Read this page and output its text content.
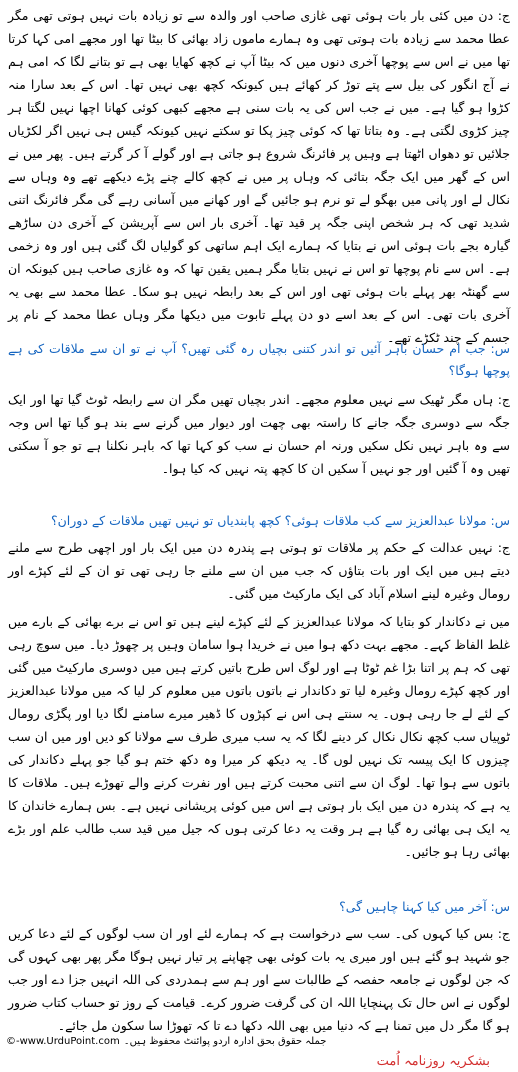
ج: دن میں کئی بار بات ہوئی تھی غازی صاحب اور والدہ سے تو زیادہ بات نہیں ہوتی تھی مگر عطا محمد سے زیادہ بات ہوتی تھی وہ ہمارے ماموں زاد بھائی کا بیٹا تھا اور مجھے امی کہا کرتا تھا میں نے اس سے پوچھا آخری دنوں میں کہ بیٹا آپ نے کچھ کھایا بھی ہے تو بتانے لگا کہ امی ہم نے آج انگور کی بیل سے پتے توڑ کر کھائے ہیں کیونکہ کچھ بھی نہیں تھا۔ اس کے بعد سارا منہ کڑوا ہو گیا ہے۔ میں نے جب اس کی یہ بات سنی ہے مجھے کبھی کوئی کھانا اچھا نہیں لگتا ہر چیز کڑوی لگتی ہے۔ وہ بتاتا تھا کہ کوئی چیز پکا تو سکتے نہیں کیونکہ گیس ہی نہیں اگر لکڑیاں جلائیں تو دھواں اٹھتا ہے وہیں پر فائرنگ شروع ہو جاتی ہے اور گولے آ کر گرتے ہیں۔ پھر میں نے اس کے گھر میں ایک جگہ بتائی کہ وہاں پر میں نے کچھ کالے چنے پڑے دیکھے تھے وہ وہاں سے نکال لے اور پانی میں بھگو لے تو نرم ہو جائیں گے اور کھانے میں آسانی رہے گی مگر فائرنگ اتنی شدید تھی کہ ہر شخص اپنی جگہ پر قید تھا۔ آخری بار اس سے آپریشن کے آخری دن ساڑھے گیارہ بجے بات ہوئی اس نے بتایا کہ ہمارے ایک اہم ساتھی کو گولیاں لگ گئی ہیں اور وہ زخمی ہے۔ اس سے نام پوچھا تو اس نے نہیں بتایا مگر ہمیں یقین تھا کہ وہ غازی صاحب ہیں کیونکہ ان سے گھنٹہ بھر پہلے بات ہوئی تھی اور اس کے بعد رابطہ نہیں ہو سکا۔ عطا محمد سے بھی یہ آخری بات تھی۔ اس کے بعد اسے دو دن پہلے تابوت میں دیکھا مگر وہاں عطا محمد کے نام پر جسم کے چند ٹکڑے تھے۔

س: جب ام حسان باہر آئیں تو اندر کتنی بچیاں رہ گئی تھیں؟ آپ نے تو ان سے ملاقات کی ہے پوچھا ہوگا؟

ج: ہاں مگر ٹھیک سے نہیں معلوم مجھے۔ اندر بچیاں تھیں مگر ان سے رابطہ ٹوٹ گیا تھا اور ایک جگہ سے دوسری جگہ جانے کا راستہ بھی چھت اور دیوار میں گرنے سے بند ہو گیا تھا اس وجہ سے وہ باہر نہیں نکل سکیں ورنہ ام حسان نے سب کو کہا تھا کہ باہر نکلنا ہے تو جو آ سکتی تھیں وہ آ گئیں اور جو نہیں آ سکیں ان کا کچھ پتہ نہیں کہ کیا ہوا۔

س: مولانا عبدالعزیز سے کب ملاقات ہوئی؟ کچھ پابندیاں تو نہیں تھیں ملاقات کے دوران؟

ج: نہیں عدالت کے حکم پر ملاقات تو ہوتی ہے پندرہ دن میں ایک بار اور اچھی طرح سے ملنے دیتے ہیں میں ایک اور بات بتاؤں کہ جب میں ان سے ملنے جا رہی تھی تو ان کے لئے کپڑے اور رومال وغیرہ لینے اسلام آباد کی ایک مارکیٹ میں گئی۔

میں نے دکاندار کو بتایا کہ مولانا عبدالعزیز کے لئے کپڑے لینے ہیں تو اس نے برے بھائی کے بارے میں غلط الفاظ کہے۔ مجھے بہت دکھ ہوا میں نے خریدا ہوا سامان وہیں پر چھوڑ دیا۔ میں سوچ رہی تھی کہ ہم پر اتنا بڑا غم ٹوٹا ہے اور لوگ اس طرح باتیں کرتے ہیں میں دوسری مارکیٹ میں گئی اور کچھ کپڑے رومال وغیرہ لیا تو دکاندار نے باتوں باتوں میں معلوم کر لیا کہ میں مولانا عبدالعزیز کے لئے لے جا رہی ہوں۔ یہ سنتے ہی اس نے کپڑوں کا ڈھیر میرے سامنے لگا دیا اور پگڑی رومال ٹوپیاں سب کچھ نکال نکال کر دینے لگا کہ یہ سب میری طرف سے مولانا کو دیں اور میں ان سب چیزوں کا ایک پیسہ تک نہیں لوں گا۔ یہ دیکھ کر میرا وہ دکھ ختم ہو گیا جو پہلے دکاندار کی باتوں سے ہوا تھا۔ لوگ ان سے اتنی محبت کرتے ہیں اور نفرت کرنے والے تھوڑے ہیں۔ ملاقات کا یہ ہے کہ پندرہ دن میں ایک بار ہوتی ہے اس میں کوئی پریشانی نہیں ہے۔ بس ہمارے خاندان کا یہ ایک ہی بھائی رہ گیا ہے ہر وقت یہ دعا کرتی ہوں کہ جیل میں قید سب طالب علم اور بڑے بھائی رہا ہو جائیں۔

س: آخر میں کیا کہنا چاہیں گی؟

ج: بس کیا کہوں کی۔ سب سے درخواست ہے کہ ہمارے لئے اور ان سب لوگوں کے لئے دعا کریں جو شہید ہو گئے ہیں اور میری یہ بات کوئی بھی چھاپنے پر تیار نہیں ہوگا مگر پھر بھی کہوں گی کہ جن لوگوں نے جامعہ حفصہ کے طالبات سے اور ہم سے ہمدردی کی اللہ انہیں جزا دے اور جب لوگوں نے اس حال تک پہنچایا اللہ ان کی گرفت ضرور کرے۔ قیامت کے روز تو حساب کتاب ضرور ہو گا مگر دل میں تمنا ہے کہ دنیا میں بھی اللہ دکھا دے تا کہ تھوڑا سا سکون مل جائے۔

بشکریہ روزنامہ اُمت
©-www.UrduPoint.com جملہ حقوق بحق ادارہ اردو پوائنٹ محفوظ ہیں۔
